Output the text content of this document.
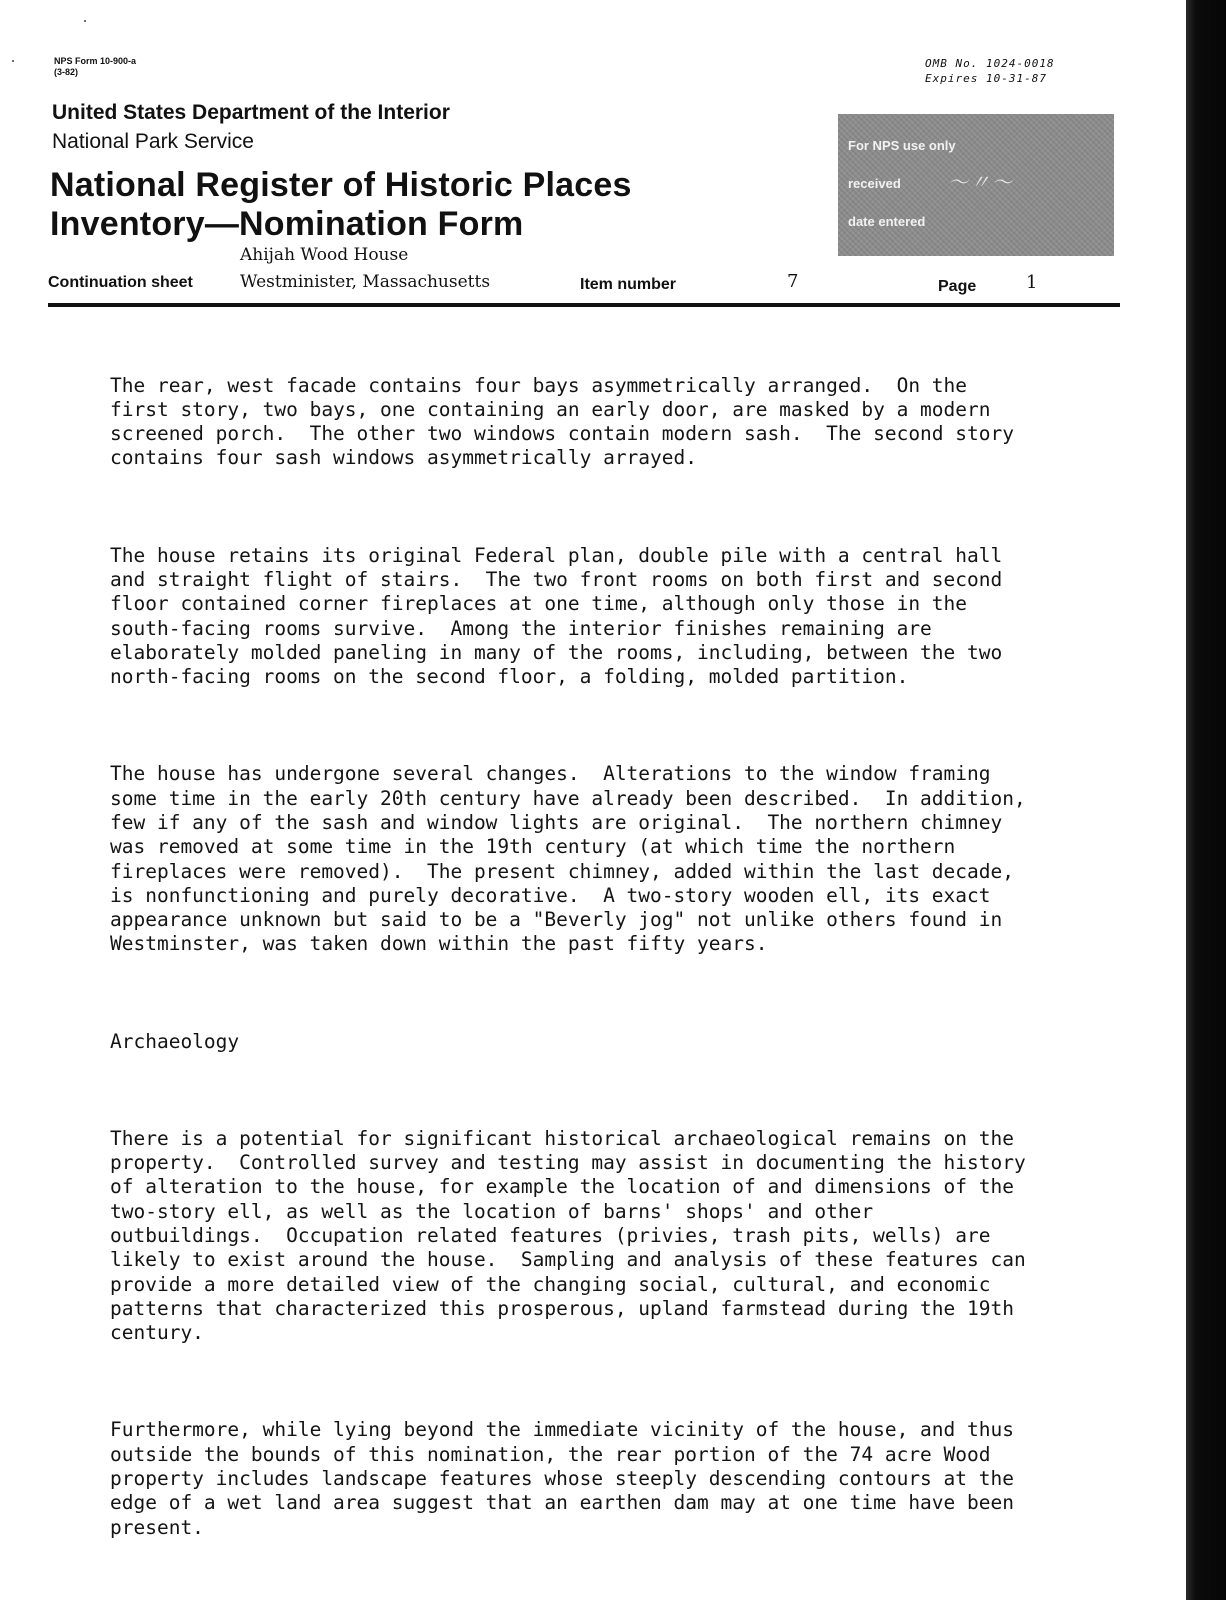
NPS Form 10-900-a
(3-82)
OMB No. 1024-0018
Expires 10-31-87
United States Department of the Interior
National Park Service
National Register of Historic Places
Inventory—Nomination Form
For NPS use only
received 〜〃〜
date entered
Ahijah Wood House
Continuation sheet	Westminister, Massachusetts	Item number	7	Page	1

The rear, west facade contains four bays asymmetrically arranged.  On the
first story, two bays, one containing an early door, are masked by a modern
screened porch.  The other two windows contain modern sash.  The second story
contains four sash windows asymmetrically arrayed.

The house retains its original Federal plan, double pile with a central hall
and straight flight of stairs.  The two front rooms on both first and second
floor contained corner fireplaces at one time, although only those in the
south-facing rooms survive.  Among the interior finishes remaining are
elaborately molded paneling in many of the rooms, including, between the two
north-facing rooms on the second floor, a folding, molded partition.

The house has undergone several changes.  Alterations to the window framing
some time in the early 20th century have already been described.  In addition,
few if any of the sash and window lights are original.  The northern chimney
was removed at some time in the 19th century (at which time the northern
fireplaces were removed).  The present chimney, added within the last decade,
is nonfunctioning and purely decorative.  A two-story wooden ell, its exact
appearance unknown but said to be a "Beverly jog" not unlike others found in
Westminster, was taken down within the past fifty years.

Archaeology

There is a potential for significant historical archaeological remains on the
property.  Controlled survey and testing may assist in documenting the history
of alteration to the house, for example the location of and dimensions of the
two-story ell, as well as the location of barns' shops' and other
outbuildings.  Occupation related features (privies, trash pits, wells) are
likely to exist around the house.  Sampling and analysis of these features can
provide a more detailed view of the changing social, cultural, and economic
patterns that characterized this prosperous, upland farmstead during the 19th
century.

Furthermore, while lying beyond the immediate vicinity of the house, and thus
outside the bounds of this nomination, the rear portion of the 74 acre Wood
property includes landscape features whose steeply descending contours at the
edge of a wet land area suggest that an earthen dam may at one time have been
present.
